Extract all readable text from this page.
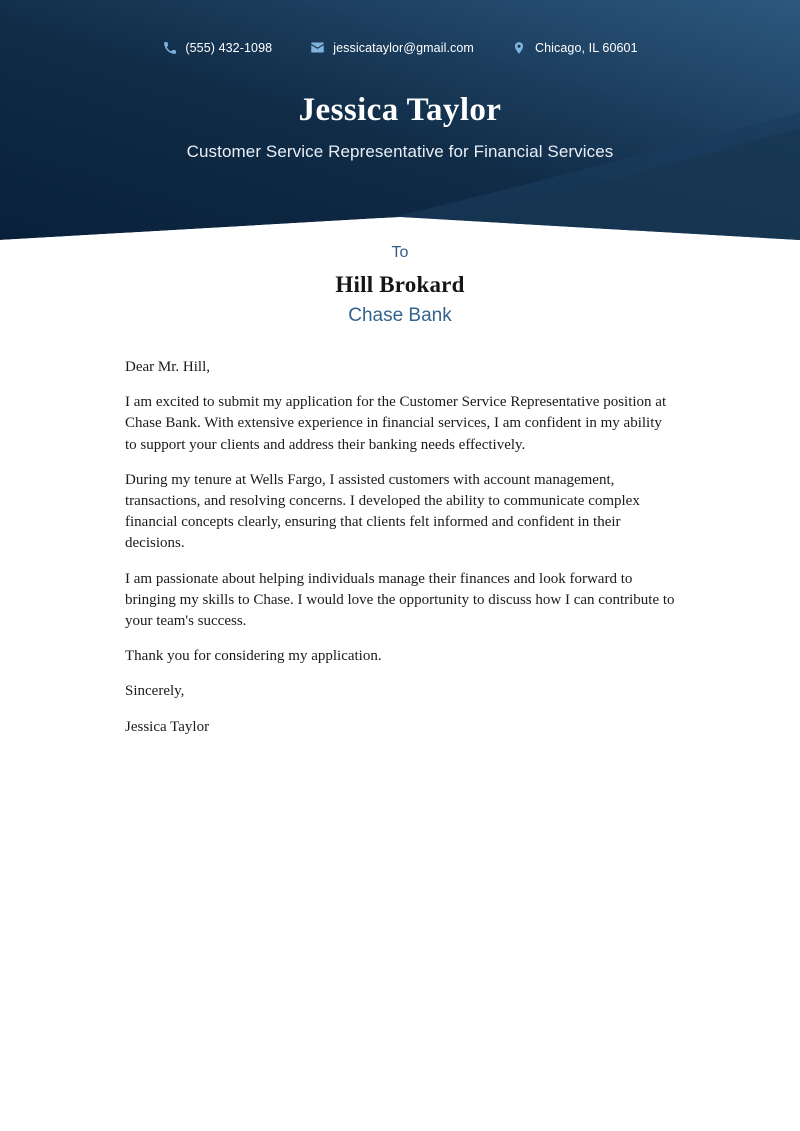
(555) 432-1098	jessicataylor@gmail.com	Chicago, IL 60601
Jessica Taylor
Customer Service Representative for Financial Services
To
Hill Brokard
Chase Bank

Dear Mr. Hill,

I am excited to submit my application for the Customer Service Representative position at Chase Bank. With extensive experience in financial services, I am confident in my ability to support your clients and address their banking needs effectively.

During my tenure at Wells Fargo, I assisted customers with account management, transactions, and resolving concerns. I developed the ability to communicate complex financial concepts clearly, ensuring that clients felt informed and confident in their decisions.

I am passionate about helping individuals manage their finances and look forward to bringing my skills to Chase. I would love the opportunity to discuss how I can contribute to your team's success.

Thank you for considering my application.

Sincerely,

Jessica Taylor
